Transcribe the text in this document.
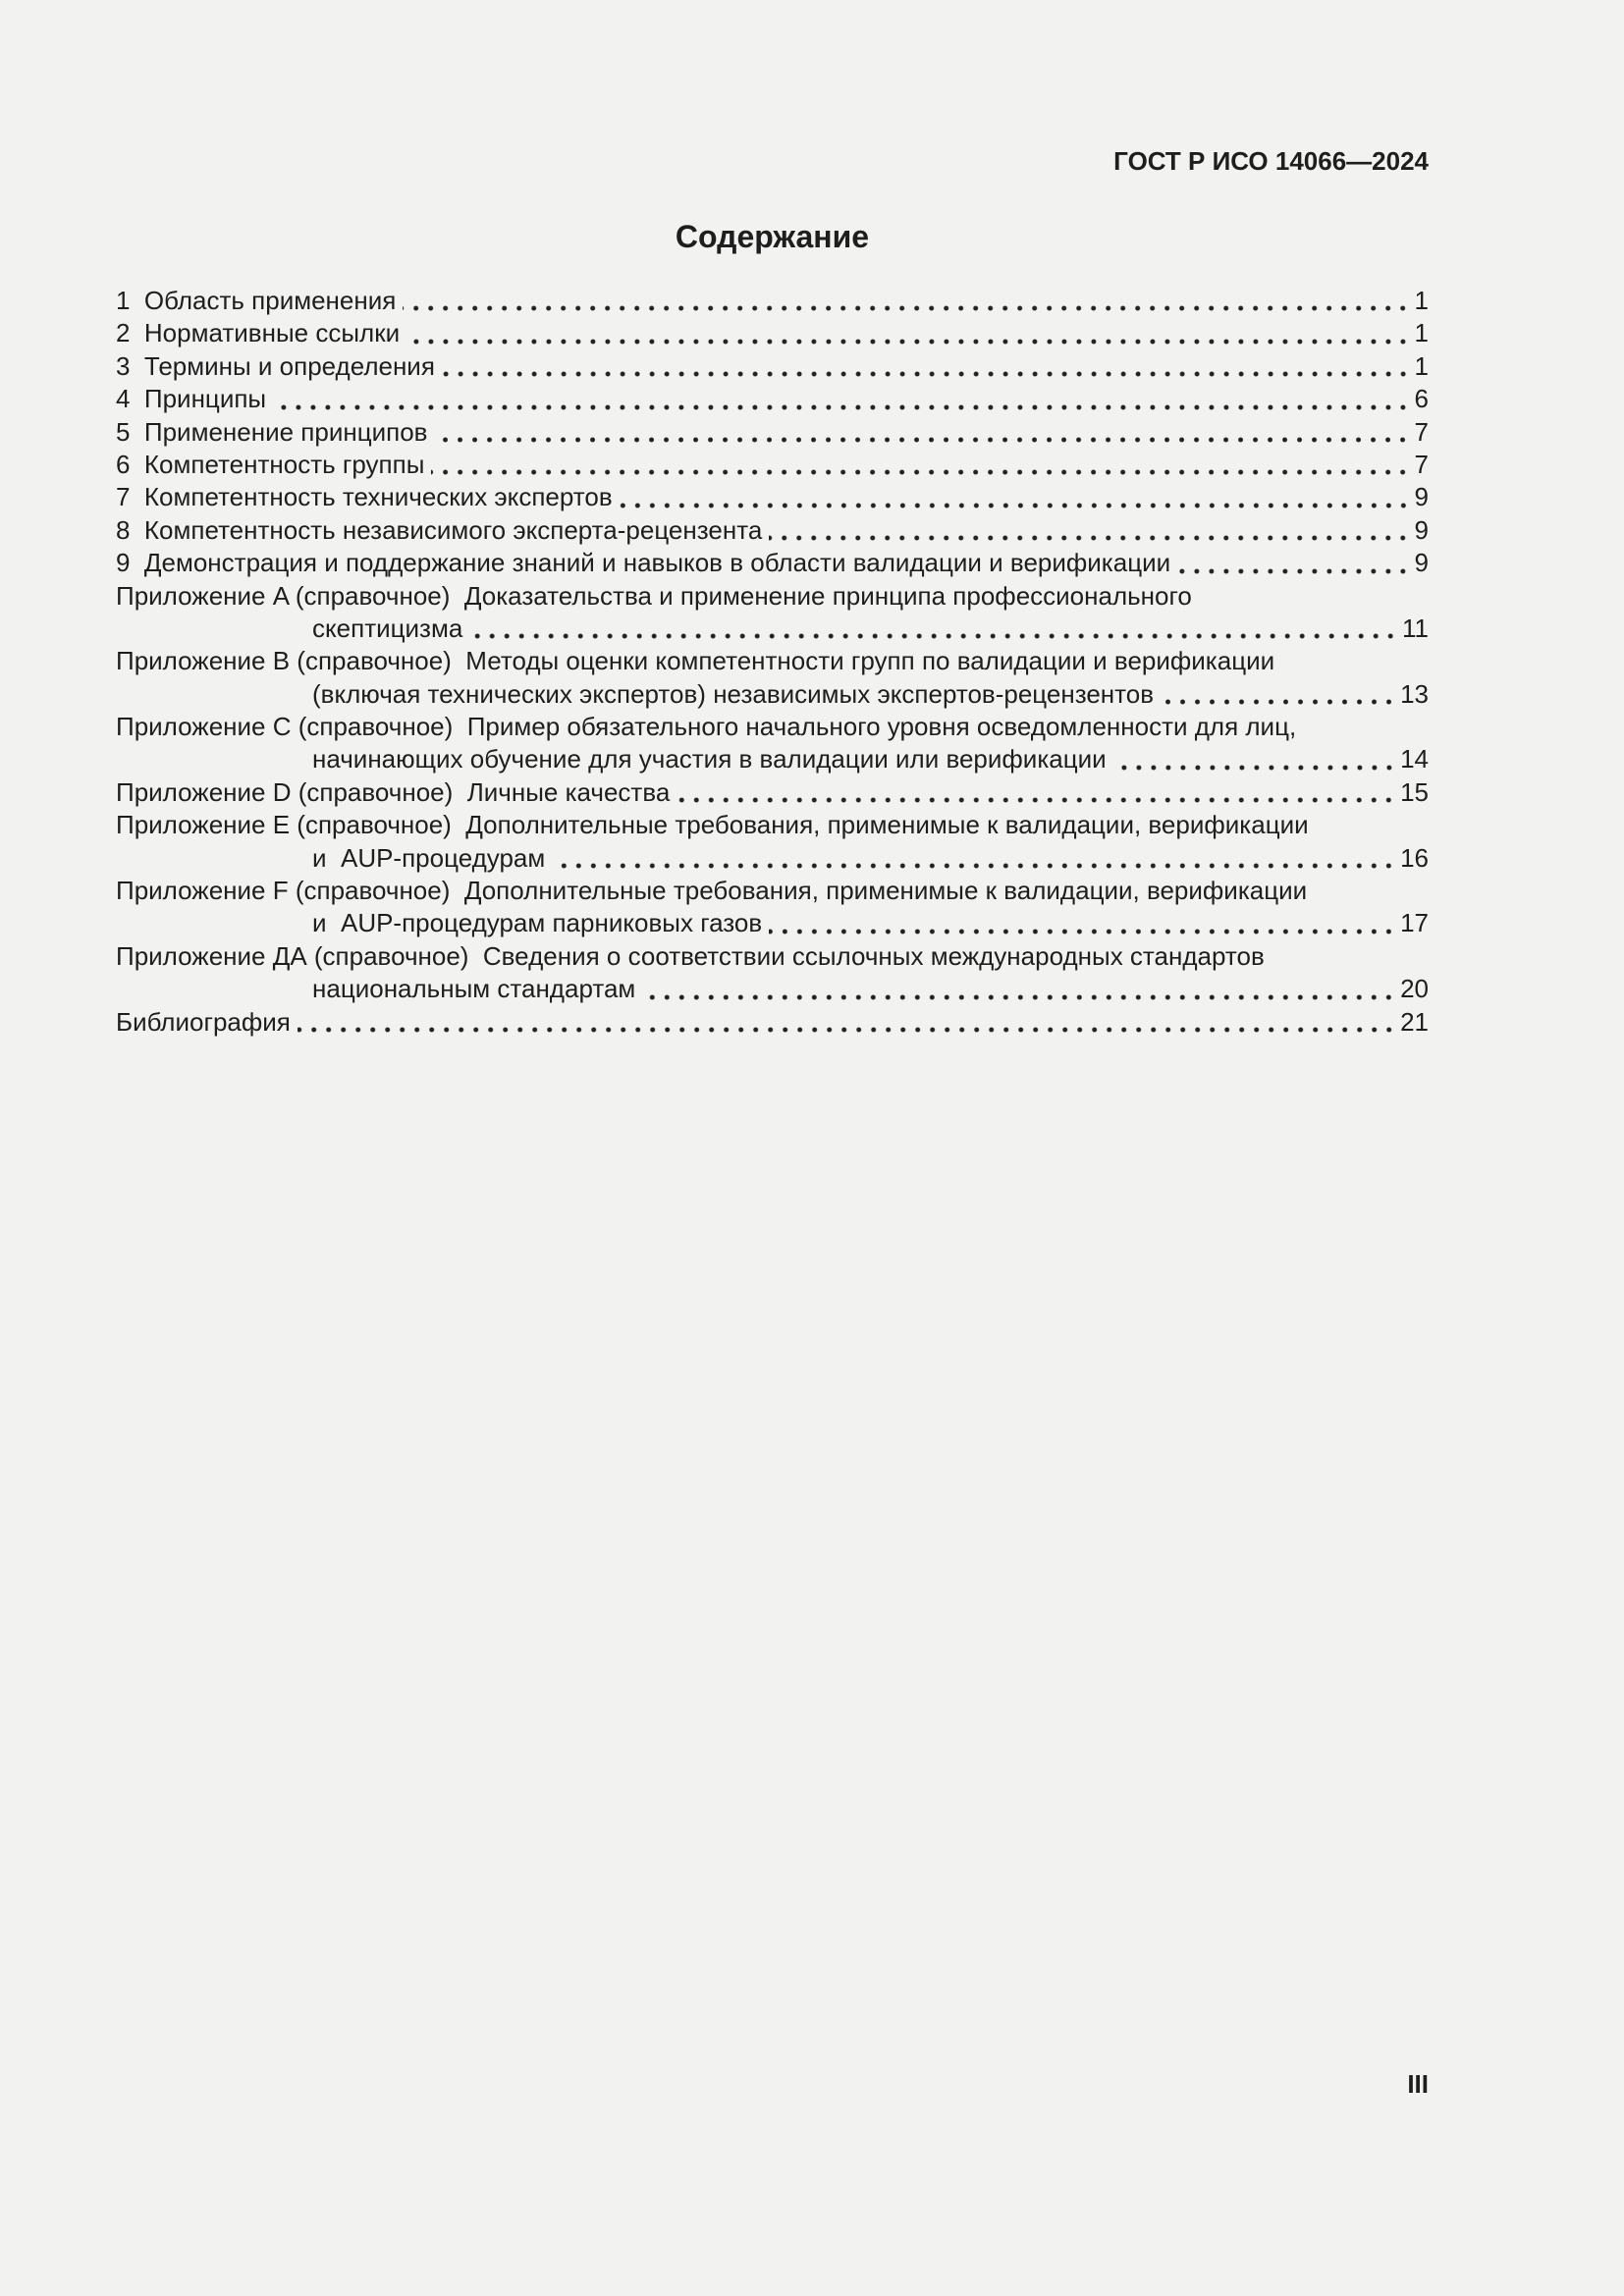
ГОСТ Р ИСО 14066—2024
Содержание
1  Область применения	1
2  Нормативные ссылки	1
3  Термины и определения	1
4  Принципы	6
5  Применение принципов	7
6  Компетентность группы	7
7  Компетентность технических экспертов	9
8  Компетентность независимого эксперта-рецензента	9
9  Демонстрация и поддержание знаний и навыков в области валидации и верификации	9
Приложение A (справочное)  Доказательства и применение принципа профессионального
скептицизма	11
Приложение B (справочное)  Методы оценки компетентности групп по валидации и верификации
(включая технических экспертов) независимых экспертов-рецензентов	13
Приложение C (справочное)  Пример обязательного начального уровня осведомленности для лиц,
начинающих обучение для участия в валидации или верификации	14
Приложение D (справочное)  Личные качества	15
Приложение E (справочное)  Дополнительные требования, применимые к валидации, верификации
и  AUP-процедурам	16
Приложение F (справочное)  Дополнительные требования, применимые к валидации, верификации
и  AUP-процедурам парниковых газов	17
Приложение ДА (справочное)  Сведения о соответствии ссылочных международных стандартов
национальным стандартам	20
Библиография	21
III
